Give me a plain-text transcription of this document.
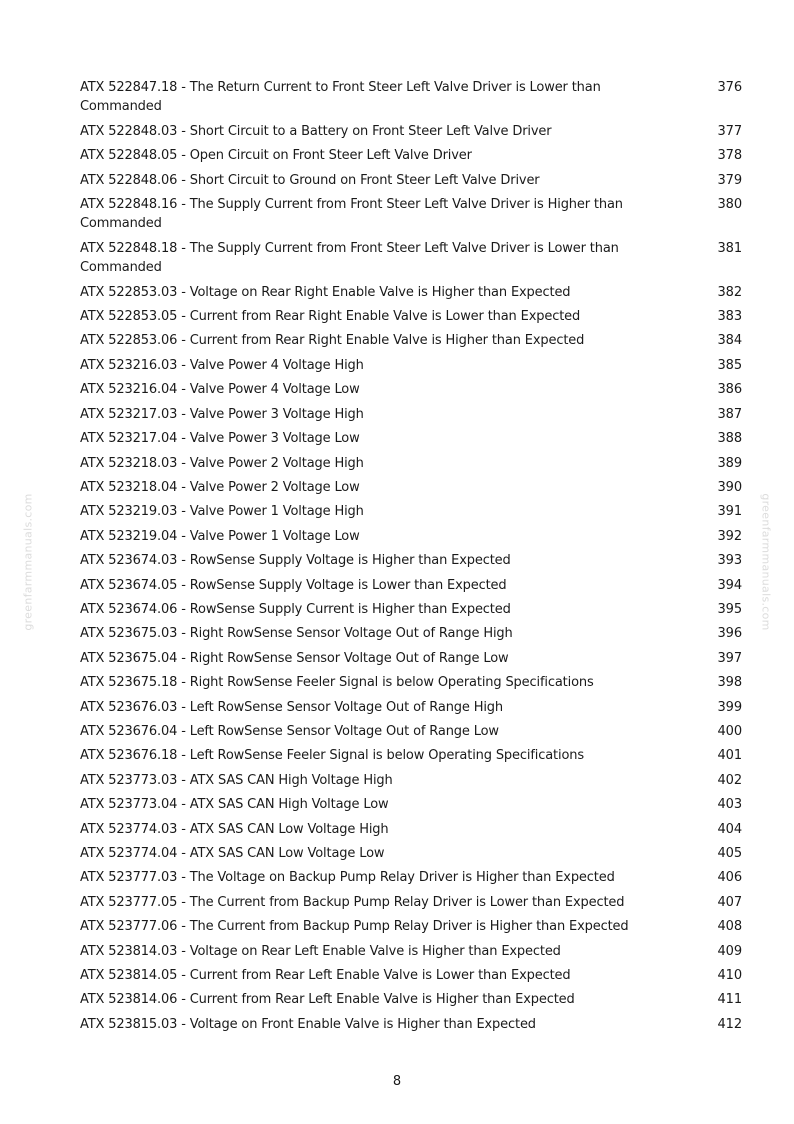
greenfarmmanuals.com	greenfarmmanuals.com
ATX 522847.18 - The Return Current to Front Steer Left Valve Driver is Lower than Commanded
376
ATX 522848.03 - Short Circuit to a Battery on Front Steer Left Valve Driver	377
ATX 522848.05 - Open Circuit on Front Steer Left Valve Driver	378
ATX 522848.06 - Short Circuit to Ground on Front Steer Left Valve Driver	379
ATX 522848.16 - The Supply Current from Front Steer Left Valve Driver is Higher than Commanded
380
ATX 522848.18 - The Supply Current from Front Steer Left Valve Driver is Lower than Commanded
381
ATX 522853.03 - Voltage on Rear Right Enable Valve is Higher than Expected	382
ATX 522853.05 - Current from Rear Right Enable Valve is Lower than Expected	383
ATX 522853.06 - Current from Rear Right Enable Valve is Higher than Expected	384
ATX 523216.03 - Valve Power 4 Voltage High	385
ATX 523216.04 - Valve Power 4 Voltage Low	386
ATX 523217.03 - Valve Power 3 Voltage High	387
ATX 523217.04 - Valve Power 3 Voltage Low	388
ATX 523218.03 - Valve Power 2 Voltage High	389
ATX 523218.04 - Valve Power 2 Voltage Low	390
ATX 523219.03 - Valve Power 1 Voltage High	391
ATX 523219.04 - Valve Power 1 Voltage Low	392
ATX 523674.03 - RowSense Supply Voltage is Higher than Expected	393
ATX 523674.05 - RowSense Supply Voltage is Lower than Expected	394
ATX 523674.06 - RowSense Supply Current is Higher than Expected	395
ATX 523675.03 - Right RowSense Sensor Voltage Out of Range High	396
ATX 523675.04 - Right RowSense Sensor Voltage Out of Range Low	397
ATX 523675.18 - Right RowSense Feeler Signal is below Operating Specifications	398
ATX 523676.03 - Left RowSense Sensor Voltage Out of Range High	399
ATX 523676.04 - Left RowSense Sensor Voltage Out of Range Low	400
ATX 523676.18 - Left RowSense Feeler Signal is below Operating Specifications	401
ATX 523773.03 - ATX SAS CAN High Voltage High	402
ATX 523773.04 - ATX SAS CAN High Voltage Low	403
ATX 523774.03 - ATX SAS CAN Low Voltage High	404
ATX 523774.04 - ATX SAS CAN Low Voltage Low	405
ATX 523777.03 - The Voltage on Backup Pump Relay Driver is Higher than Expected	406
ATX 523777.05 - The Current from Backup Pump Relay Driver is Lower than Expected	407
ATX 523777.06 - The Current from Backup Pump Relay Driver is Higher than Expected	408
ATX 523814.03 - Voltage on Rear Left Enable Valve is Higher than Expected	409
ATX 523814.05 - Current from Rear Left Enable Valve is Lower than Expected	410
ATX 523814.06 - Current from Rear Left Enable Valve is Higher than Expected	411
ATX 523815.03 - Voltage on Front Enable Valve is Higher than Expected	412
8
